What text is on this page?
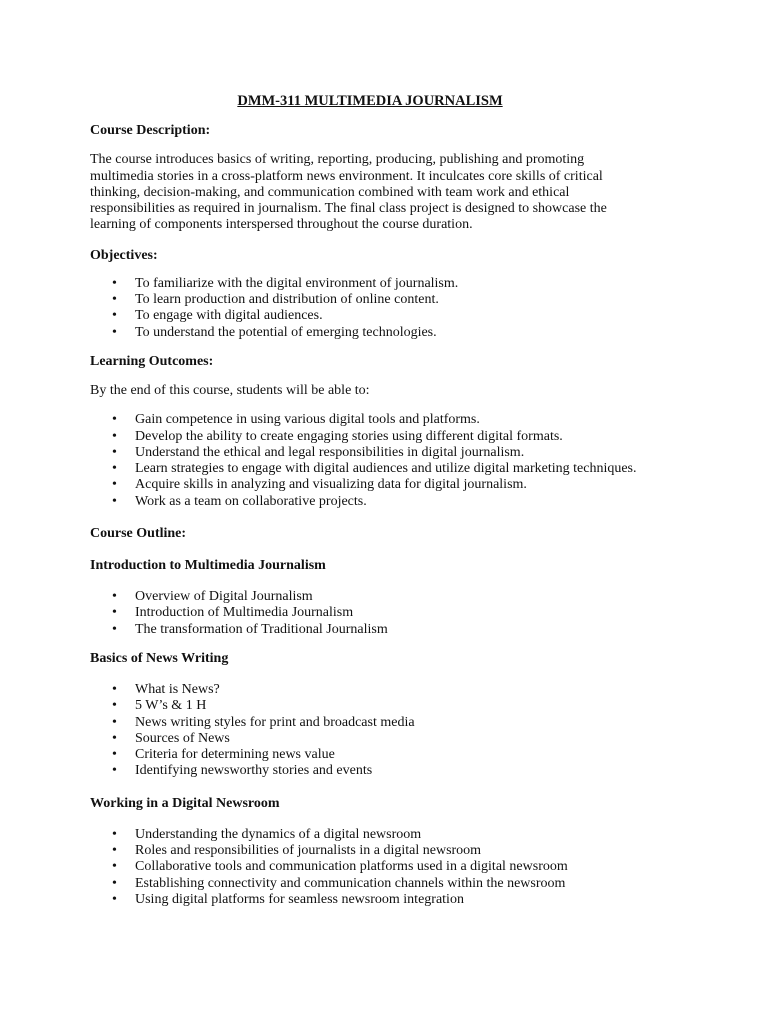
DMM-311 MULTIMEDIA JOURNALISM
Course Description:

The course introduces basics of writing, reporting, producing, publishing and promoting multimedia stories in a cross-platform news environment. It inculcates core skills of critical thinking, decision-making, and communication combined with team work and ethical responsibilities as required in journalism. The final class project is designed to showcase the learning of components interspersed throughout the course duration.

Objectives:
• To familiarize with the digital environment of journalism.
• To learn production and distribution of online content.
• To engage with digital audiences.
• To understand the potential of emerging technologies.
Learning Outcomes:

By the end of this course, students will be able to:

• Gain competence in using various digital tools and platforms.
• Develop the ability to create engaging stories using different digital formats.
• Understand the ethical and legal responsibilities in digital journalism.
• Learn strategies to engage with digital audiences and utilize digital marketing techniques.
• Acquire skills in analyzing and visualizing data for digital journalism.
• Work as a team on collaborative projects.
Course Outline:
Introduction to Multimedia Journalism
• Overview of Digital Journalism
• Introduction of Multimedia Journalism
• The transformation of Traditional Journalism
Basics of News Writing
• What is News?
• 5 W’s & 1 H
• News writing styles for print and broadcast media
• Sources of News
• Criteria for determining news value
• Identifying newsworthy stories and events
Working in a Digital Newsroom
• Understanding the dynamics of a digital newsroom
• Roles and responsibilities of journalists in a digital newsroom
• Collaborative tools and communication platforms used in a digital newsroom
• Establishing connectivity and communication channels within the newsroom
• Using digital platforms for seamless newsroom integration
